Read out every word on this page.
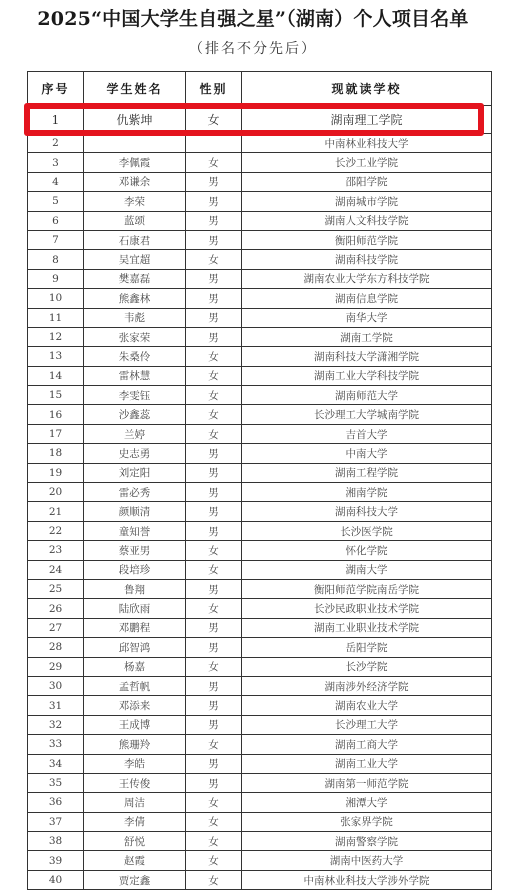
2025“中国大学生自强之星”（湖南）个人项目名单
（排名不分先后）
序号	学生姓名	性别	现就读学校
1	仇紫坤	女	湖南理工学院
2			中南林业科技大学
3	李佩霞	女	长沙工业学院
4	邓谦余	男	邵阳学院
5	李荣	男	湖南城市学院
6	蓝颂	男	湖南人文科技学院
7	石康君	男	衡阳师范学院
8	吴宜超	女	湖南科技学院
9	樊嘉磊	男	湖南农业大学东方科技学院
10	熊鑫林	男	湖南信息学院
11	韦彪	男	南华大学
12	张家荣	男	湖南工学院
13	朱桑伶	女	湖南科技大学潇湘学院
14	雷林慧	女	湖南工业大学科技学院
15	李雯钰	女	湖南师范大学
16	沙鑫蕊	女	长沙理工大学城南学院
17	兰婷	女	吉首大学
18	史志勇	男	中南大学
19	刘定阳	男	湖南工程学院
20	雷必秀	男	湘南学院
21	颜顺清	男	湖南科技大学
22	童知誉	男	长沙医学院
23	蔡亚男	女	怀化学院
24	段培珍	女	湖南大学
25	鲁翔	男	衡阳师范学院南岳学院
26	陆欣雨	女	长沙民政职业技术学院
27	邓鹏程	男	湖南工业职业技术学院
28	邱智鸿	男	岳阳学院
29	杨嘉	女	长沙学院
30	孟哲帆	男	湖南涉外经济学院
31	邓添来	男	湖南农业大学
32	王成博	男	长沙理工大学
33	熊珊羚	女	湖南工商大学
34	李皓	男	湖南工业大学
35	王传俊	男	湖南第一师范学院
36	周洁	女	湘潭大学
37	李倩	女	张家界学院
38	舒悦	女	湖南警察学院
39	赵霞	女	湖南中医药大学
40	贾定鑫	女	中南林业科技大学涉外学院
